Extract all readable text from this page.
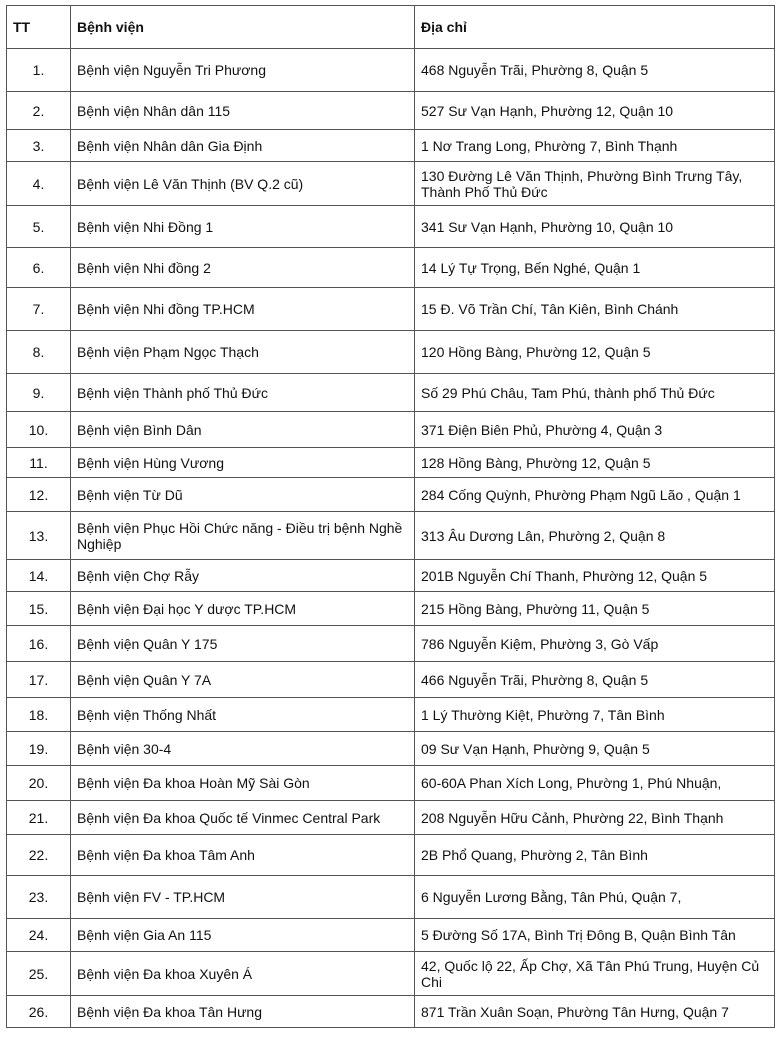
TT	Bệnh viện	Địa chỉ
1.	Bệnh viện Nguyễn Tri Phương	468 Nguyễn Trãi, Phường 8, Quận 5
2.	Bệnh viện Nhân dân 115	527 Sư Vạn Hạnh, Phường 12, Quận 10
3.	Bệnh viện Nhân dân Gia Định	1 Nơ Trang Long, Phường 7, Bình Thạnh
4.	Bệnh viện Lê Văn Thịnh (BV Q.2 cũ)	130 Đường Lê Văn Thịnh, Phường Bình Trưng Tây, Thành Phố Thủ Đức
5.	Bệnh viện Nhi Đồng 1	341 Sư Vạn Hạnh, Phường 10, Quận 10
6.	Bệnh viện Nhi đồng 2	14 Lý Tự Trọng, Bến Nghé, Quận 1
7.	Bệnh viện Nhi đồng TP.HCM	15 Đ. Võ Trần Chí, Tân Kiên, Bình Chánh
8.	Bệnh viện Phạm Ngọc Thạch	120 Hồng Bàng, Phường 12, Quận 5
9.	Bệnh viện Thành phố Thủ Đức	Số 29 Phú Châu, Tam Phú, thành phố Thủ Đức
10.	Bệnh viện Bình Dân	371 Điện Biên Phủ, Phường 4, Quận 3
11.	Bệnh viện Hùng Vương	128 Hồng Bàng, Phường 12, Quận 5
12.	Bệnh viện Từ Dũ	284 Cống Quỳnh, Phường Phạm Ngũ Lão , Quận 1
13.	Bệnh viện Phục Hồi Chức năng - Điều trị bệnh Nghề Nghiệp	313 Âu Dương Lân, Phường 2, Quận 8
14.	Bệnh viện Chợ Rẫy	201B Nguyễn Chí Thanh, Phường 12, Quận 5
15.	Bệnh viện Đại học Y dược TP.HCM	215 Hồng Bàng, Phường 11, Quận 5
16.	Bệnh viện Quân Y 175	786 Nguyễn Kiệm, Phường 3, Gò Vấp
17.	Bệnh viện Quân Y 7A	466 Nguyễn Trãi, Phường 8, Quận 5
18.	Bệnh viện Thống Nhất	1 Lý Thường Kiệt, Phường 7, Tân Bình
19.	Bệnh viện 30-4	09 Sư Vạn Hạnh, Phường 9, Quận 5
20.	Bệnh viện Đa khoa Hoàn Mỹ Sài Gòn	60-60A Phan Xích Long, Phường 1, Phú Nhuận,
21.	Bệnh viện Đa khoa Quốc tế Vinmec Central Park	208 Nguyễn Hữu Cảnh, Phường 22, Bình Thạnh
22.	Bệnh viện Đa khoa Tâm Anh	2B Phổ Quang, Phường 2, Tân Bình
23.	Bệnh viện FV - TP.HCM	6 Nguyễn Lương Bằng, Tân Phú, Quận 7,
24.	Bệnh viện Gia An 115	5 Đường Số 17A, Bình Trị Đông B, Quận Bình Tân
25.	Bệnh viện Đa khoa Xuyên Á	42, Quốc lộ 22, Ấp Chợ, Xã Tân Phú Trung, Huyện Củ Chi
26.	Bệnh viện Đa khoa Tân Hưng	871 Trần Xuân Soạn, Phường Tân Hưng, Quận 7
